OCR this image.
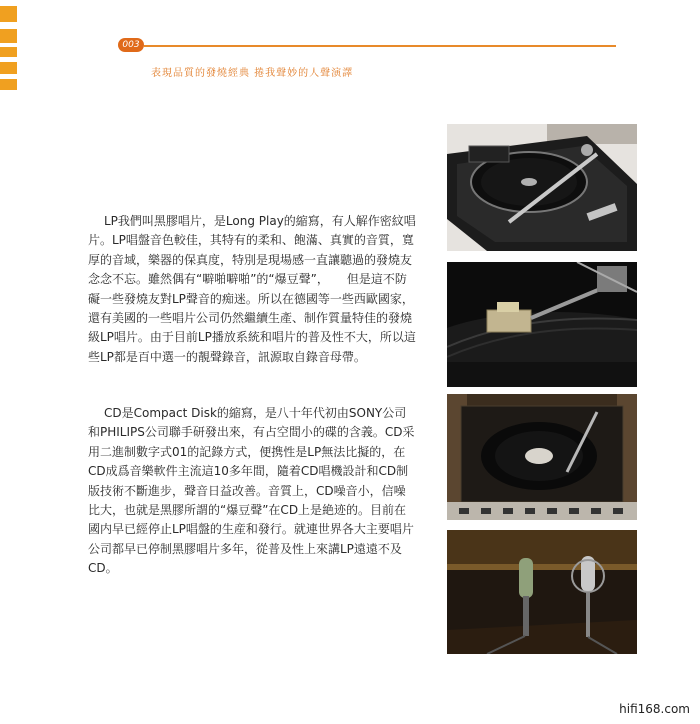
003
表現品質的發燒經典 捲我聲妙的人聲演譯

LP我們叫黑膠唱片，是Long Play的縮寫，有人解作密紋唱片。LP唱盤音色較佳，其特有的柔和、飽滿、真實的音質，寬厚的音域，樂器的保真度，特別是現場感一直讓聽過的發燒友念念不忘。雖然偶有“噼啪噼啪”的“爆豆聲”，　　但是這不防礙一些發燒友對LP聲音的痴迷。所以在德國等一些西歐國家，還有美國的一些唱片公司仍然繼續生產、制作質量特佳的發燒級LP唱片。由于目前LP播放系統和唱片的普及性不大，所以這些LP都是百中選一的靚聲錄音，訊源取自錄音母帶。

CD是Compact Disk的縮寫，是八十年代初由SONY公司和PHILIPS公司聯手研發出來，有占空間小的碟的含義。CD采用二進制數字式01的記錄方式，便携性是LP無法比擬的，在CD成爲音樂軟件主流這10多年間，隨着CD唱機設計和CD制版技術不斷進步，聲音日益改善。音質上，CD噪音小，信噪比大，也就是黑膠所謂的“爆豆聲”在CD上是絶迹的。目前在國内早已經停止LP唱盤的生産和發行。就連世界各大主要唱片公司都早已停制黑膠唱片多年，從普及性上來講LP遠遠不及CD。

hifi168.com
